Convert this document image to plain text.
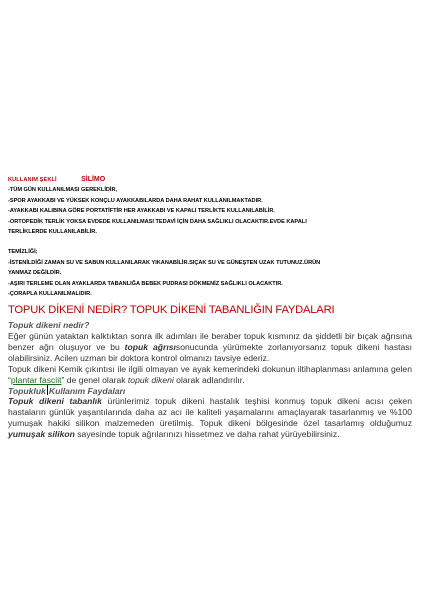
KULLANIM ŞEKLİ	SİLİMO
-TÜM GÜN KULLANILMASI GEREKLİDİR,
-SPOR AYAKKABI VE YÜKSEK KONÇLU AYAKKABILARDA DAHA RAHAT KULLANILMAKTADIR.
-AYAKKABI KALIBINA GÖRE PORTATİFTİR HER AYAKKABI VE KAPALI TERLİKTE KULLANILABİLİR.
-ORTOPEDİK TERLİK YOKSA EVDEDE KULLANILMASI TEDAVİ İÇİN DAHA SAĞLIKLI OLACAKTIR.EVDE KAPALI TERLİKLERDE KULLANILABİLİR.
TEMİZLİĞİ;
-İSTENİLDİĞİ ZAMAN SU VE SABUN KULLANILARAK YIKANABİLİR.SIÇAK SU VE GÜNEŞTEN UZAK TUTUNUZ.ÜRÜN YANMAZ DEĞİLDİR.
-AŞIRI TERLEME OLAN AYAKLARDA TABANLIĞA BEBEK PUDRASI DÖKMENİZ SAĞLIKLI OLACAKTIR.
-ÇORAPLA KULLANILMALIDIR.
TOPUK DİKENİ NEDİR? TOPUK DİKENİ TABANLIĞIN FAYDALARI
Topuk dikeni nedir?
Eğer günün yataktan kalktıktan sonra ilk adımları ile beraber topuk kısmınız da şiddetli bir bıçak ağrısına benzer ağrı oluşuyor ve bu topuk ağrısısonucunda yürümekte zorlanıyorsanız topuk dikeni hastası olabilirsiniz. Acilen uzman bir doktora kontrol olmanızı tavsiye ederiz.
Topuk dikeni Kemik çıkıntısı ile ilgili olmayan ve ayak kemerindeki dokunun iltihaplanması anlamına gelen “plantar fasciit” de genel olarak topuk dikeni olarak adlandırılır.
Topukluk Kullanım Faydaları
Topuk dikeni tabanlık ürünlerimiz topuk dikeni hastalık teşhisi konmuş topuk dikeni acısı çeken hastaların günlük yaşantılarında daha az acı ile kaliteli yaşamalarını amaçlayarak tasarlanmış ve %100 yumuşak hakiki silikon malzemeden üretilmiş. Topuk dikeni bölgesinde özel tasarlamış olduğumuz yumuşak silikon sayesinde topuk ağrılarınızı hissetmez ve daha rahat yürüyebilirsiniz.
